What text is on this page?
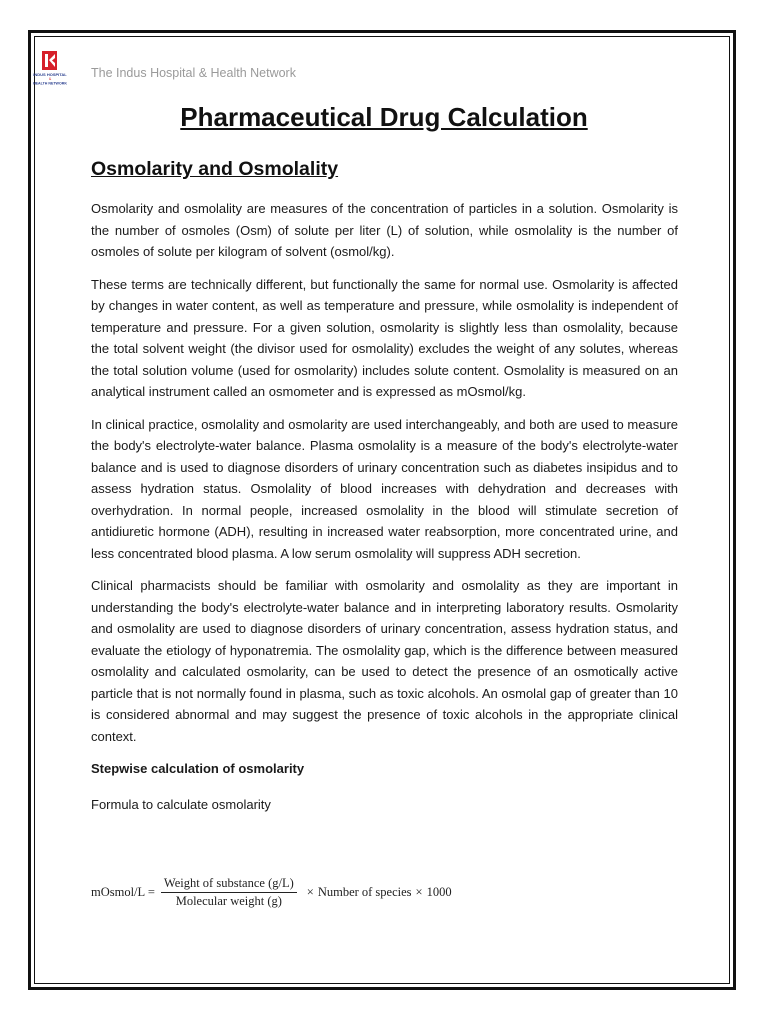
INDUS HOSPITAL
&
HEALTH NETWORK
The Indus Hospital & Health Network
Pharmaceutical Drug Calculation
Osmolarity and Osmolality

Osmolarity and osmolality are measures of the concentration of particles in a solution. Osmolarity is the number of osmoles (Osm) of solute per liter (L) of solution, while osmolality is the number of osmoles of solute per kilogram of solvent (osmol/kg).

These terms are technically different, but functionally the same for normal use. Osmolarity is affected by changes in water content, as well as temperature and pressure, while osmolality is independent of temperature and pressure. For a given solution, osmolarity is slightly less than osmolality, because the total solvent weight (the divisor used for osmolality) excludes the weight of any solutes, whereas the total solution volume (used for osmolarity) includes solute content. Osmolality is measured on an analytical instrument called an osmometer and is expressed as mOsmol/kg.

In clinical practice, osmolality and osmolarity are used interchangeably, and both are used to measure the body's electrolyte-water balance. Plasma osmolality is a measure of the body's electrolyte-water balance and is used to diagnose disorders of urinary concentration such as diabetes insipidus and to assess hydration status. Osmolality of blood increases with dehydration and decreases with overhydration. In normal people, increased osmolality in the blood will stimulate secretion of antidiuretic hormone (ADH), resulting in increased water reabsorption, more concentrated urine, and less concentrated blood plasma. A low serum osmolality will suppress ADH secretion.

Clinical pharmacists should be familiar with osmolarity and osmolality as they are important in understanding the body's electrolyte-water balance and in interpreting laboratory results. Osmolarity and osmolality are used to diagnose disorders of urinary concentration, assess hydration status, and evaluate the etiology of hyponatremia. The osmolality gap, which is the difference between measured osmolality and calculated osmolarity, can be used to detect the presence of an osmotically active particle that is not normally found in plasma, such as toxic alcohols. An osmolal gap of greater than 10 is considered abnormal and may suggest the presence of toxic alcohols in the appropriate clinical context.

Stepwise calculation of osmolarity

Formula to calculate osmolarity

mOsmol/L = $\frac{\text{Weight of substance (g/L)}}{\text{Molecular weight (g)}}$ × Number of species × 1000
